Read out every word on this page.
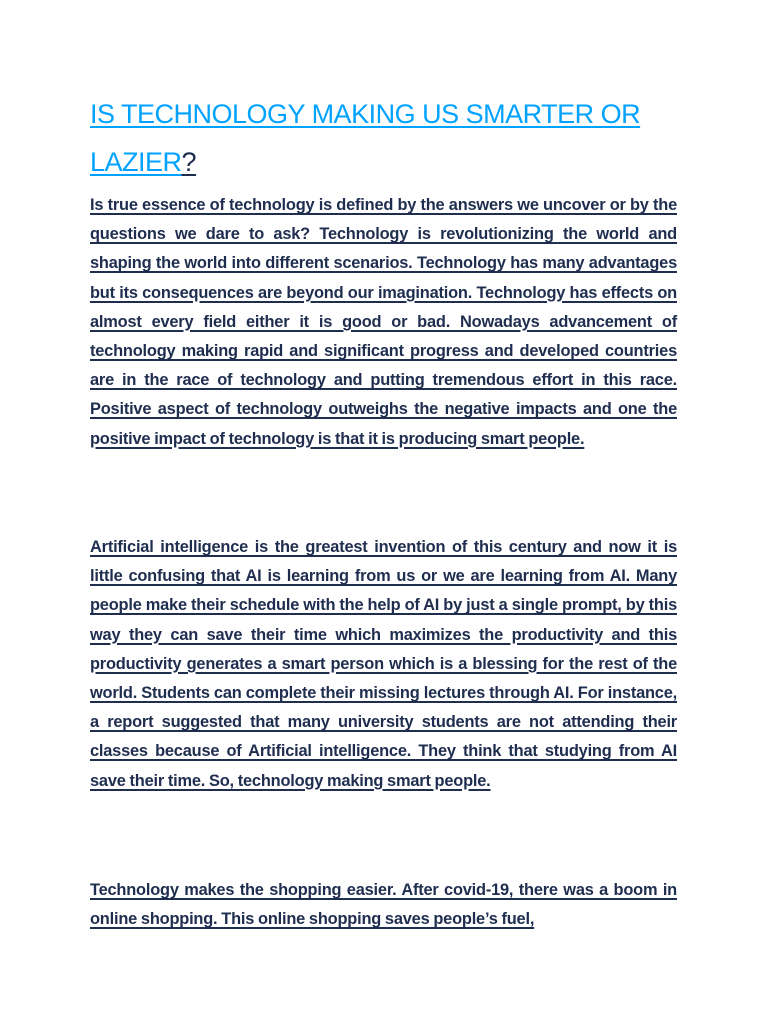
IS TECHNOLOGY MAKING US SMARTER OR LAZIER?

Is true essence of technology is defined by the answers we uncover or by the questions we dare to ask? Technology is revolutionizing the world and shaping the world into different scenarios. Technology has many advantages but its consequences are beyond our imagination. Technology has effects on almost every field either it is good or bad. Nowadays advancement of technology making rapid and significant progress and developed countries are in the race of technology and putting tremendous effort in this race. Positive aspect of technology outweighs the negative impacts and one the positive impact of technology is that it is producing smart people.

Artificial intelligence is the greatest invention of this century and now it is little confusing that AI is learning from us or we are learning from AI. Many people make their schedule with the help of AI by just a single prompt, by this way they can save their time which maximizes the productivity and this productivity generates a smart person which is a blessing for the rest of the world. Students can complete their missing lectures through AI. For instance, a report suggested that many university students are not attending their classes because of Artificial intelligence. They think that studying from AI save their time. So, technology making smart people.

Technology makes the shopping easier. After covid-19, there was a boom in online shopping. This online shopping saves people’s fuel,
